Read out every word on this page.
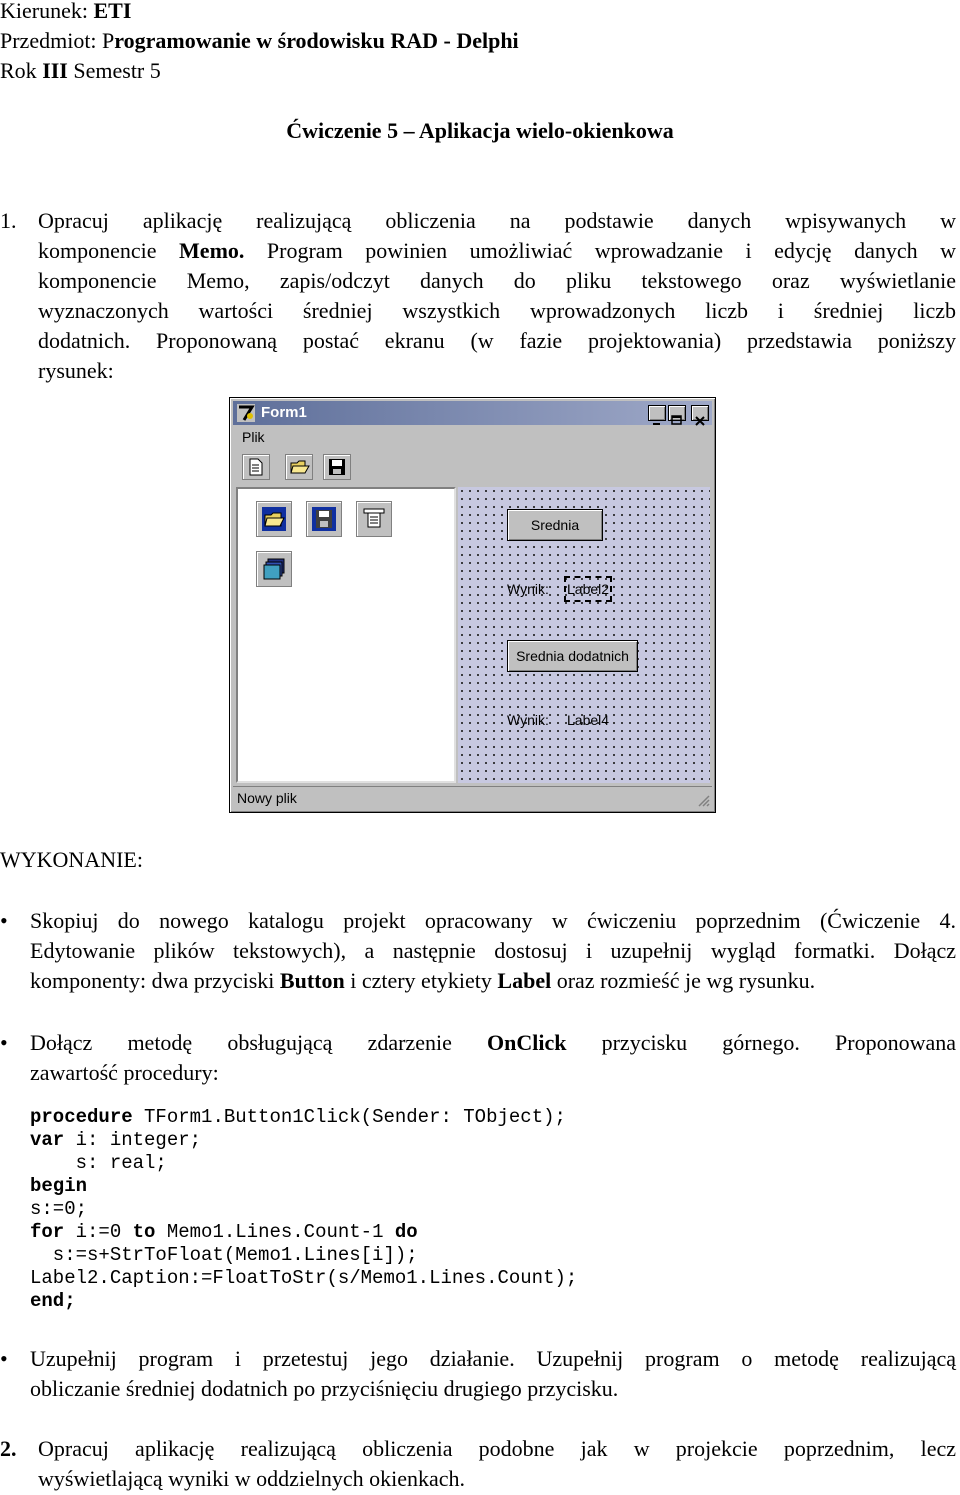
Kierunek: ETI
Przedmiot: Programowanie w środowisku RAD - Delphi
Rok III Semestr 5
Ćwiczenie 5 – Aplikacja wielo-okienkowa
1. Opracuj aplikację realizującą obliczenia na podstawie danych wpisywanych w
komponencie Memo. Program powinien umożliwiać wprowadzanie i edycję danych w
komponencie Memo, zapis/odczyt danych do pliku tekstowego oraz wyświetlanie
wyznaczonych wartości średniej wszystkich wprowadzonych liczb i średniej liczb
dodatnich. Proponowaną postać ekranu (w fazie projektowania) przedstawia poniższy
rysunek:
Form1
Plik
Srednia
Wynik: Label2
Srednia dodatnich
Wynik: Label4
Nowy plik
WYKONANIE:
• Skopiuj do nowego katalogu projekt opracowany w ćwiczeniu poprzednim (Ćwiczenie 4.
Edytowanie plików tekstowych), a następnie dostosuj i uzupełnij wygląd formatki. Dołącz
komponenty: dwa przyciski Button i cztery etykiety Label oraz rozmieść je wg rysunku.
• Dołącz metodę obsługującą zdarzenie OnClick przycisku górnego. Proponowana
zawartość procedury:
procedure TForm1.Button1Click(Sender: TObject);
var i: integer;
s: real;
begin
s:=0;
for i:=0 to Memo1.Lines.Count-1 do
s:=s+StrToFloat(Memo1.Lines[i]);
Label2.Caption:=FloatToStr(s/Memo1.Lines.Count);
end;
• Uzupełnij program i przetestuj jego działanie. Uzupełnij program o metodę realizującą
obliczanie średniej dodatnich po przyciśnięciu drugiego przycisku.
2. Opracuj aplikację realizującą obliczenia podobne jak w projekcie poprzednim, lecz
wyświetlającą wyniki w oddzielnych okienkach.
